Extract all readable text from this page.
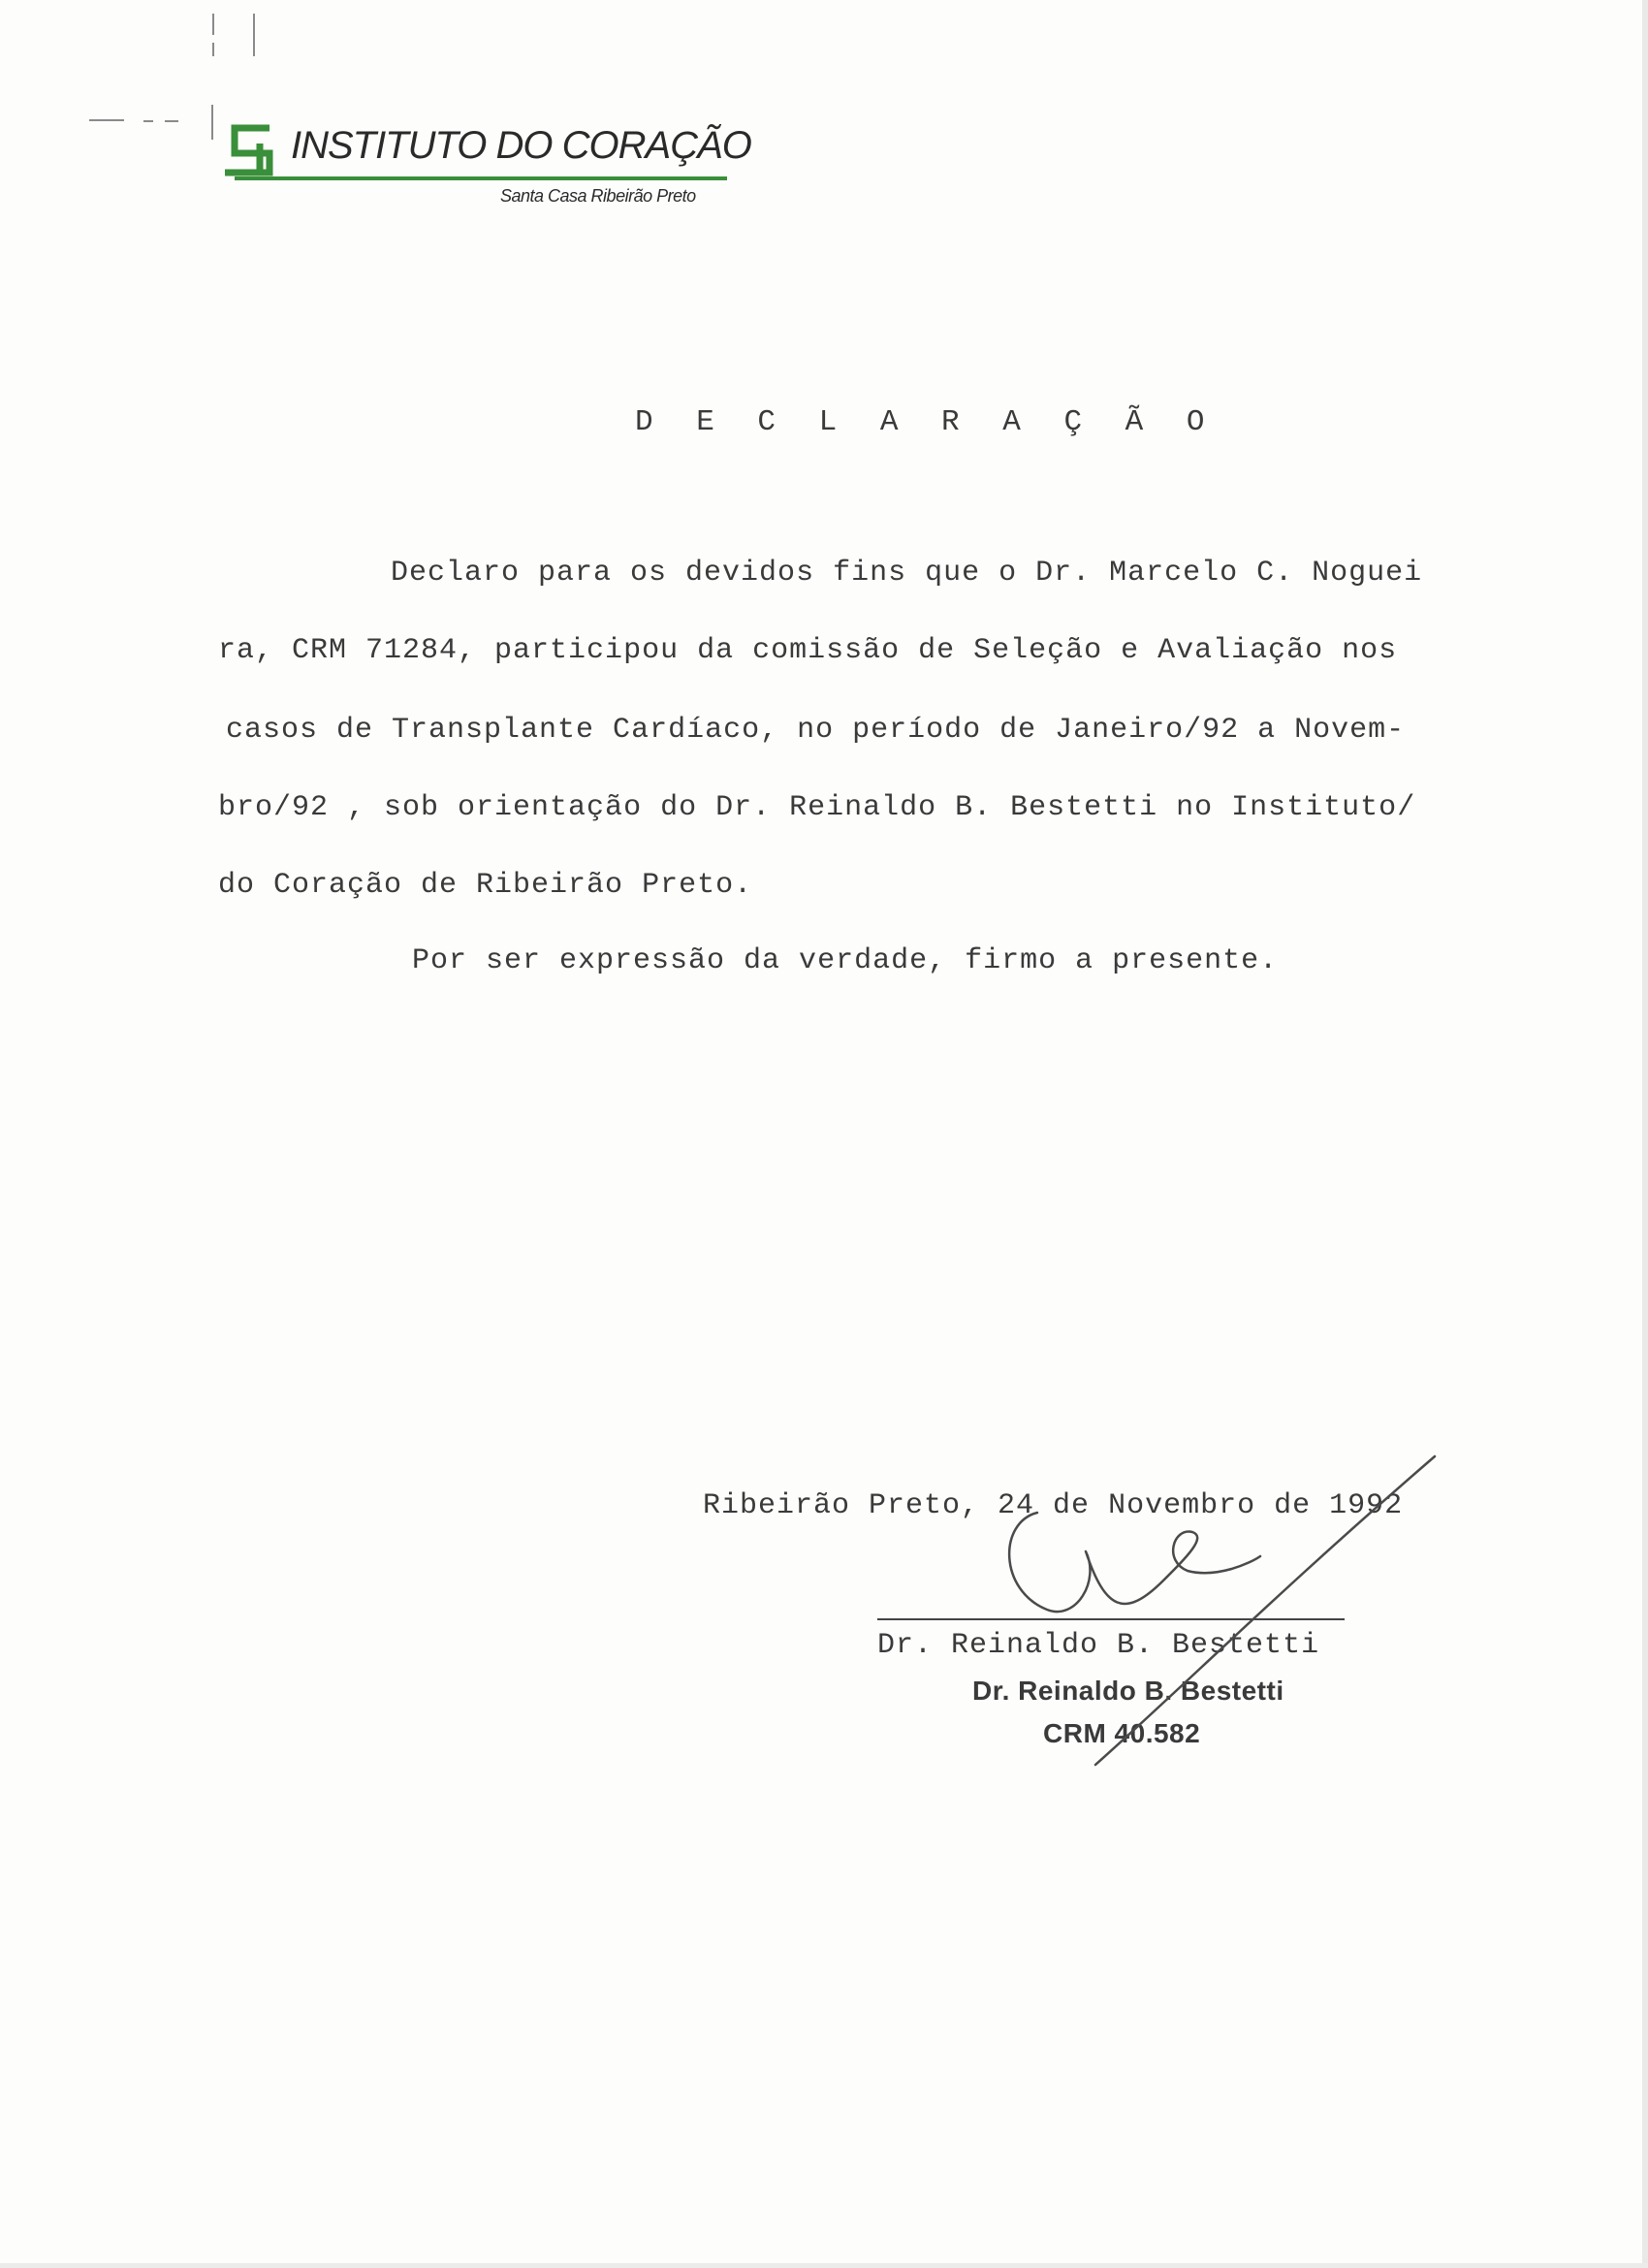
INSTITUTO DO CORAÇÃO
Santa Casa Ribeirão Preto
D E C L A R A Ç Ã O
Declaro para os devidos fins que o Dr. Marcelo C. Noguei
ra, CRM 71284, participou da comissão de Seleção e Avaliação nos
casos de Transplante Cardíaco, no período de Janeiro/92 a Novem-
bro/92 , sob orientação do Dr. Reinaldo B. Bestetti no Instituto/
do Coração de Ribeirão Preto.
Por ser expressão da verdade, firmo a presente.
Ribeirão Preto, 24 de Novembro de 1992
Dr. Reinaldo B. Bestetti
Dr. Reinaldo B. Bestetti
CRM 40.582
